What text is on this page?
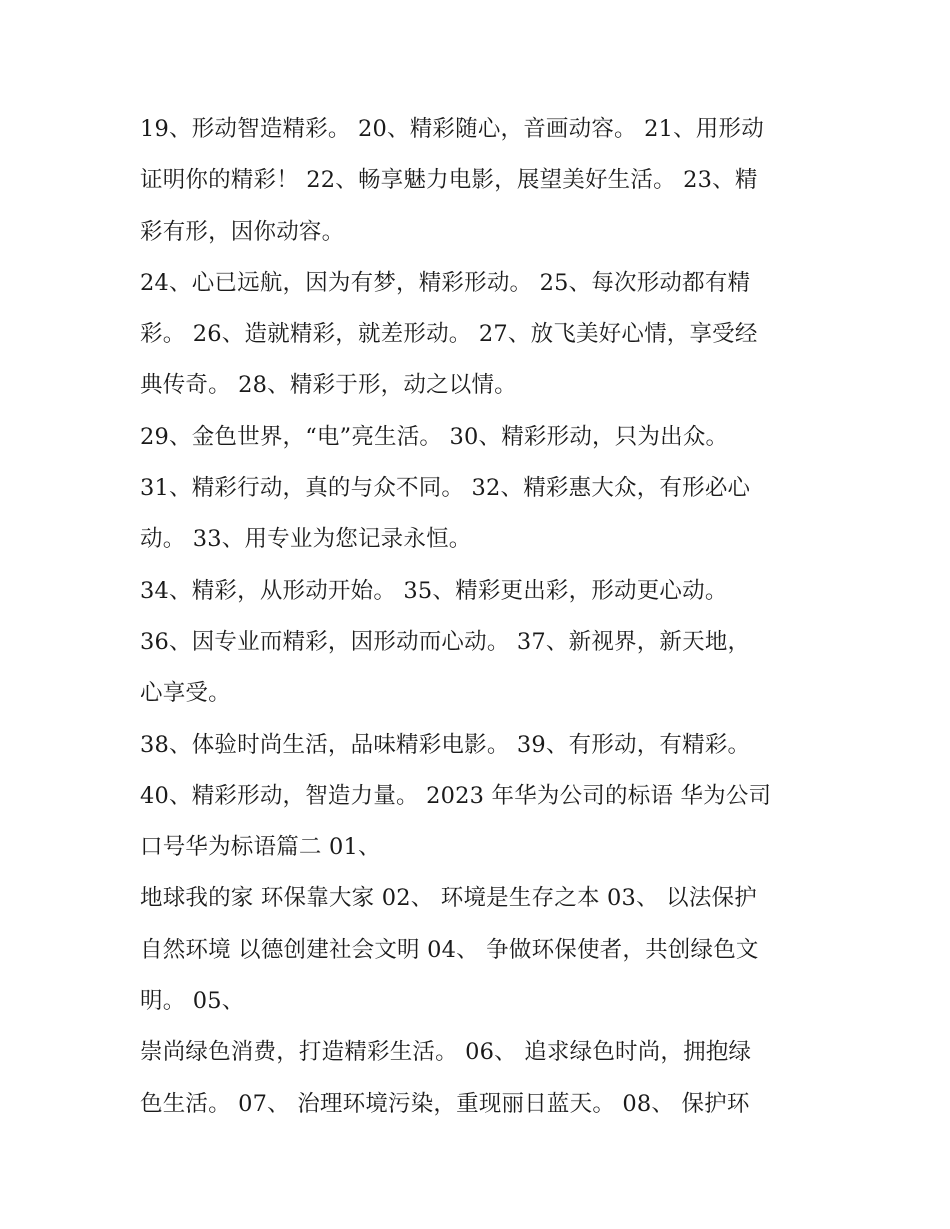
19、形动智造精彩。 20、精彩随心，音画动容。 21、用形动
证明你的精彩！ 22、畅享魅力电影，展望美好生活。 23、精
彩有形，因你动容。
24、心已远航，因为有梦，精彩形动。 25、每次形动都有精
彩。 26、造就精彩，就差形动。 27、放飞美好心情，享受经
典传奇。 28、精彩于形，动之以情。
29、金色世界，“电”亮生活。 30、精彩形动，只为出众。
31、精彩行动，真的与众不同。 32、精彩惠大众，有形必心
动。 33、用专业为您记录永恒。
34、精彩，从形动开始。 35、精彩更出彩，形动更心动。
36、因专业而精彩，因形动而心动。 37、新视界，新天地，
心享受。
38、体验时尚生活，品味精彩电影。 39、有形动，有精彩。
40、精彩形动，智造力量。 2023 年华为公司的标语 华为公司
口号华为标语篇二 01、
地球我的家 环保靠大家 02、 环境是生存之本 03、 以法保护
自然环境 以德创建社会文明 04、 争做环保使者，共创绿色文
明。 05、
崇尚绿色消费，打造精彩生活。 06、 追求绿色时尚，拥抱绿
色生活。 07、 治理环境污染，重现丽日蓝天。 08、 保护环
